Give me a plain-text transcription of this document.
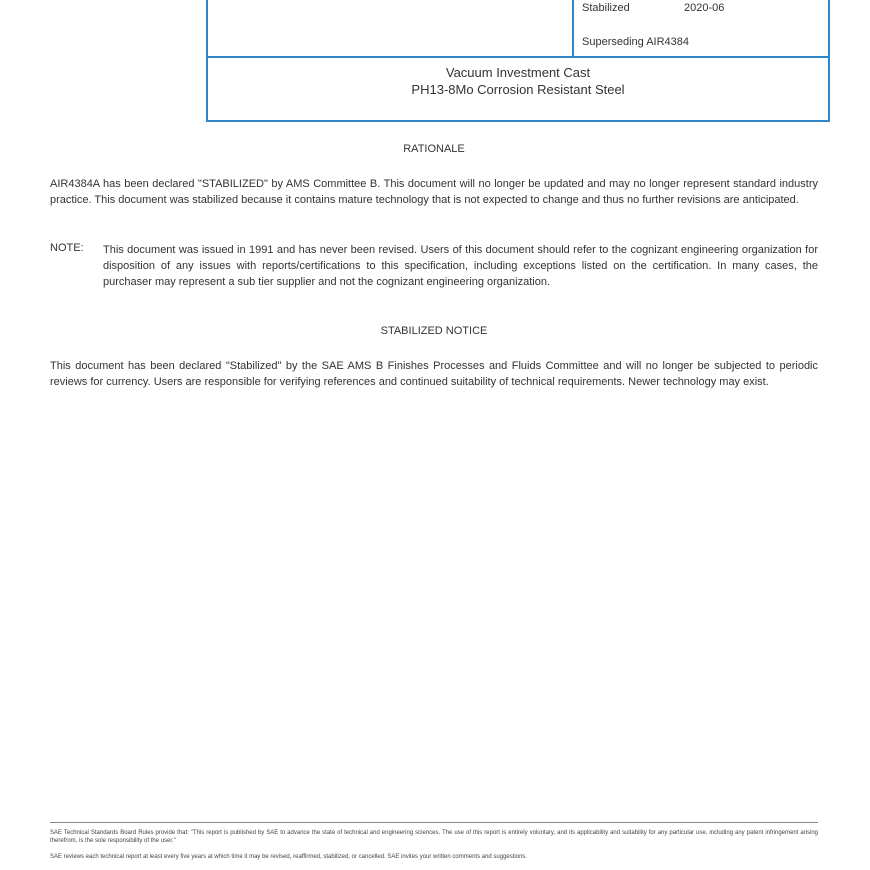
Stabilized	2020-06
Superseding AIR4384
Vacuum Investment Cast
PH13-8Mo Corrosion Resistant Steel
RATIONALE

AIR4384A has been declared "STABILIZED" by AMS Committee B. This document will no longer be updated and may no longer represent standard industry practice. This document was stabilized because it contains mature technology that is not expected to change and thus no further revisions are anticipated.

NOTE: This document was issued in 1991 and has never been revised. Users of this document should refer to the cognizant engineering organization for disposition of any issues with reports/certifications to this specification, including exceptions listed on the certification. In many cases, the purchaser may represent a sub tier supplier and not the cognizant engineering organization.

STABILIZED NOTICE

This document has been declared "Stabilized" by the SAE AMS B Finishes Processes and Fluids Committee and will no longer be subjected to periodic reviews for currency. Users are responsible for verifying references and continued suitability of technical requirements. Newer technology may exist.

SAE Technical Standards Board Rules provide that: "This report is published by SAE to advance the state of technical and engineering sciences. The use of this report is entirely voluntary, and its applicability and suitability for any particular use, including any patent infringement arising therefrom, is the sole responsibility of the user."

SAE reviews each technical report at least every five years at which time it may be revised, reaffirmed, stabilized, or cancelled. SAE invites your written comments and suggestions.
